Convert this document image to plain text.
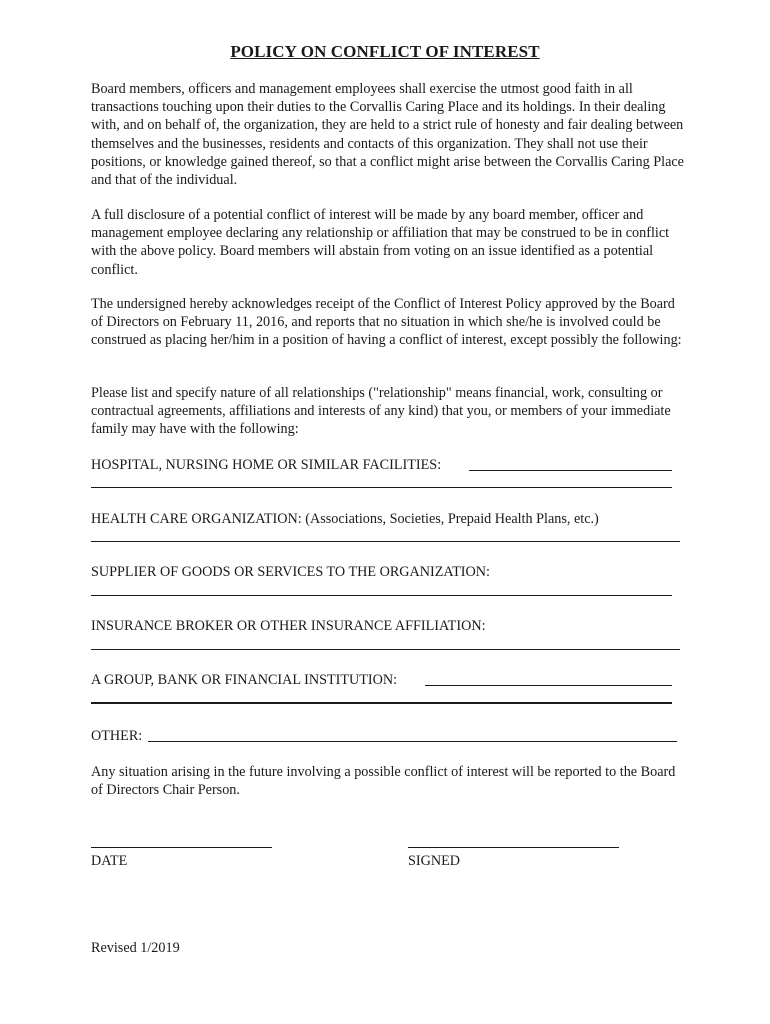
POLICY ON CONFLICT OF INTEREST

Board members, officers and management employees shall exercise the utmost good faith in all transactions touching upon their duties to the Corvallis Caring Place and its holdings. In their dealing with, and on behalf of, the organization, they are held to a strict rule of honesty and fair dealing between themselves and the businesses, residents and contacts of this organization. They shall not use their positions, or knowledge gained thereof, so that a conflict might arise between the Corvallis Caring Place and that of the individual.

A full disclosure of a potential conflict of interest will be made by any board member, officer and management employee declaring any relationship or affiliation that may be construed to be in conflict with the above policy. Board members will abstain from voting on an issue identified as a potential conflict.

The undersigned hereby acknowledges receipt of the Conflict of Interest Policy approved by the Board of Directors on February 11, 2016, and reports that no situation in which she/he is involved could be construed as placing her/him in a position of having a conflict of interest, except possibly the following:

Please list and specify nature of all relationships ("relationship" means financial, work, consulting or contractual agreements, affiliations and interests of any kind) that you, or members of your immediate family may have with the following:

HOSPITAL, NURSING HOME OR SIMILAR FACILITIES:
HEALTH CARE ORGANIZATION: (Associations, Societies, Prepaid Health Plans, etc.)
SUPPLIER OF GOODS OR SERVICES TO THE ORGANIZATION:
INSURANCE BROKER OR OTHER INSURANCE AFFILIATION:
A GROUP, BANK OR FINANCIAL INSTITUTION:
OTHER:

Any situation arising in the future involving a possible conflict of interest will be reported to the Board of Directors Chair Person.

DATE	SIGNED
Revised 1/2019
